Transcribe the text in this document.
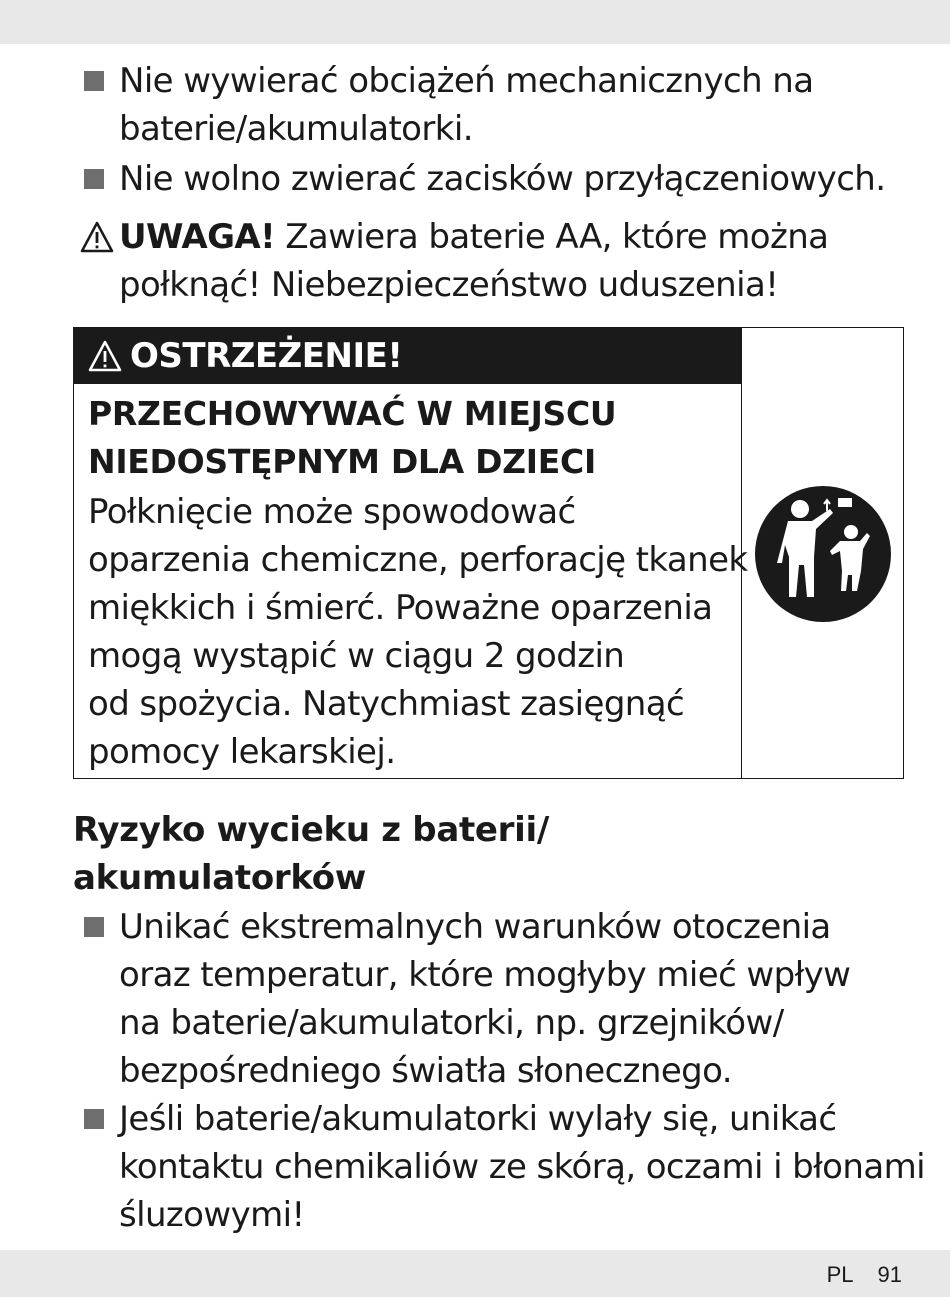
Nie wywierać obciążeń mechanicznych na
baterie/akumulatorki.
Nie wolno zwierać zacisków przyłączeniowych.
UWAGA! Zawiera baterie AA, które można
połknąć! Niebezpieczeństwo uduszenia!
OSTRZEŻENIE!
PRZECHOWYWAĆ W MIEJSCU
NIEDOSTĘPNYM DLA DZIECI
Połknięcie może spowodować
oparzenia chemiczne, perforację tkanek
miękkich i śmierć. Poważne oparzenia
mogą wystąpić w ciągu 2 godzin
od spożycia. Natychmiast zasięgnąć
pomocy lekarskiej.
Ryzyko wycieku z baterii/
akumulatorków
Unikać ekstremalnych warunków otoczenia
oraz temperatur, które mogłyby mieć wpływ
na baterie/akumulatorki, np. grzejników/
bezpośredniego światła słonecznego.
Jeśli baterie/akumulatorki wylały się, unikać
kontaktu chemikaliów ze skórą, oczami i błonami
śluzowymi!
PL 91
